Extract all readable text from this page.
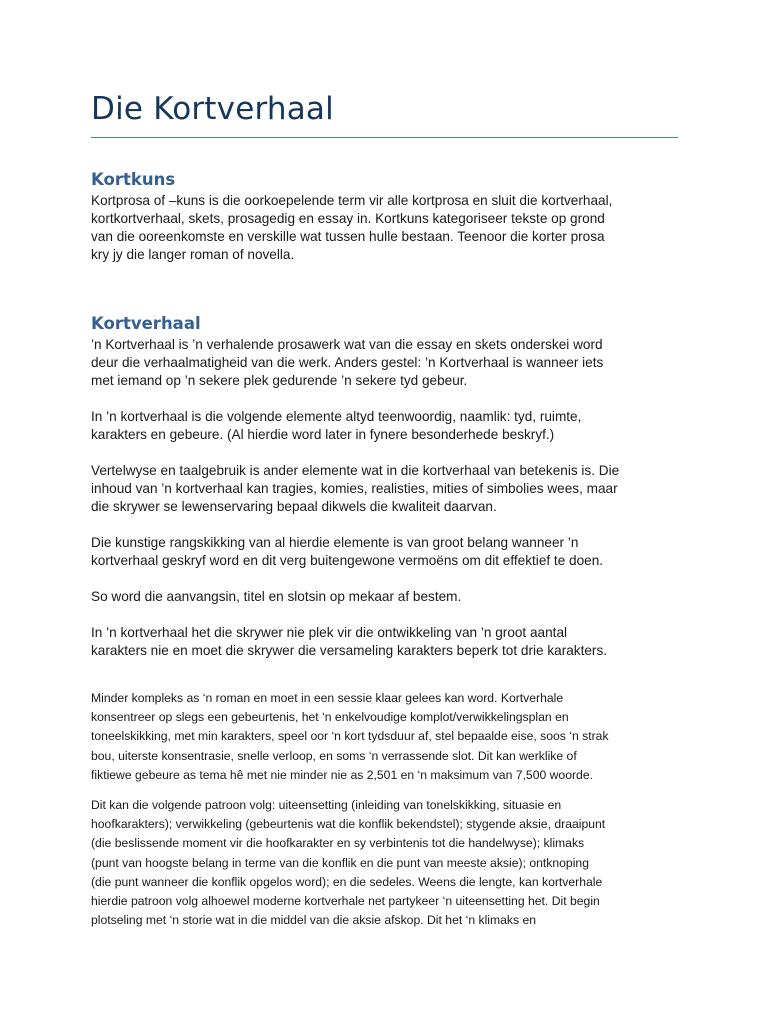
Die Kortverhaal
Kortkuns

Kortprosa of –kuns is die oorkoepelende term vir alle kortprosa en sluit die kortverhaal,
kortkortverhaal, skets, prosagedig en essay in. Kortkuns kategoriseer tekste op grond
van die ooreenkomste en verskille wat tussen hulle bestaan. Teenoor die korter prosa
kry jy die langer roman of novella.

Kortverhaal

’n Kortverhaal is ’n verhalende prosawerk wat van die essay en skets onderskei word
deur die verhaalmatigheid van die werk. Anders gestel: ’n Kortverhaal is wanneer iets
met iemand op ’n sekere plek gedurende ’n sekere tyd gebeur.

In ’n kortverhaal is die volgende elemente altyd teenwoordig, naamlik: tyd, ruimte,
karakters en gebeure. (Al hierdie word later in fynere besonderhede beskryf.)

Vertelwyse en taalgebruik is ander elemente wat in die kortverhaal van betekenis is. Die
inhoud van ’n kortverhaal kan tragies, komies, realisties, mities of simbolies wees, maar
die skrywer se lewenservaring bepaal dikwels die kwaliteit daarvan.

Die kunstige rangskikking van al hierdie elemente is van groot belang wanneer ’n
kortverhaal geskryf word en dit verg buitengewone vermoëns om dit effektief te doen.

So word die aanvangsin, titel en slotsin op mekaar af bestem.

In ’n kortverhaal het die skrywer nie plek vir die ontwikkeling van ’n groot aantal
karakters nie en moet die skrywer die versameling karakters beperk tot drie karakters.

Minder kompleks as ‘n roman en moet in een sessie klaar gelees kan word. Kortverhale
konsentreer op slegs een gebeurtenis, het ‘n enkelvoudige komplot/verwikkelingsplan en
toneelskikking, met min karakters, speel oor ‘n kort tydsduur af, stel bepaalde eise, soos ‘n strak
bou, uiterste konsentrasie, snelle verloop, en soms ‘n verrassende slot. Dit kan werklike of
fiktiewe gebeure as tema hê met nie minder nie as 2,501 en ‘n maksimum van 7,500 woorde.

Dit kan die volgende patroon volg: uiteensetting (inleiding van tonelskikking, situasie en
hoofkarakters); verwikkeling (gebeurtenis wat die konflik bekendstel); stygende aksie, draaipunt
(die beslissende moment vir die hoofkarakter en sy verbintenis tot die handelwyse); klimaks
(punt van hoogste belang in terme van die konflik en die punt van meeste aksie); ontknoping
(die punt wanneer die konflik opgelos word); en die sedeles. Weens die lengte, kan kortverhale
hierdie patroon volg alhoewel moderne kortverhale net partykeer ‘n uiteensetting het. Dit begin
plotseling met ‘n storie wat in die middel van die aksie afskop. Dit het ‘n klimaks en
